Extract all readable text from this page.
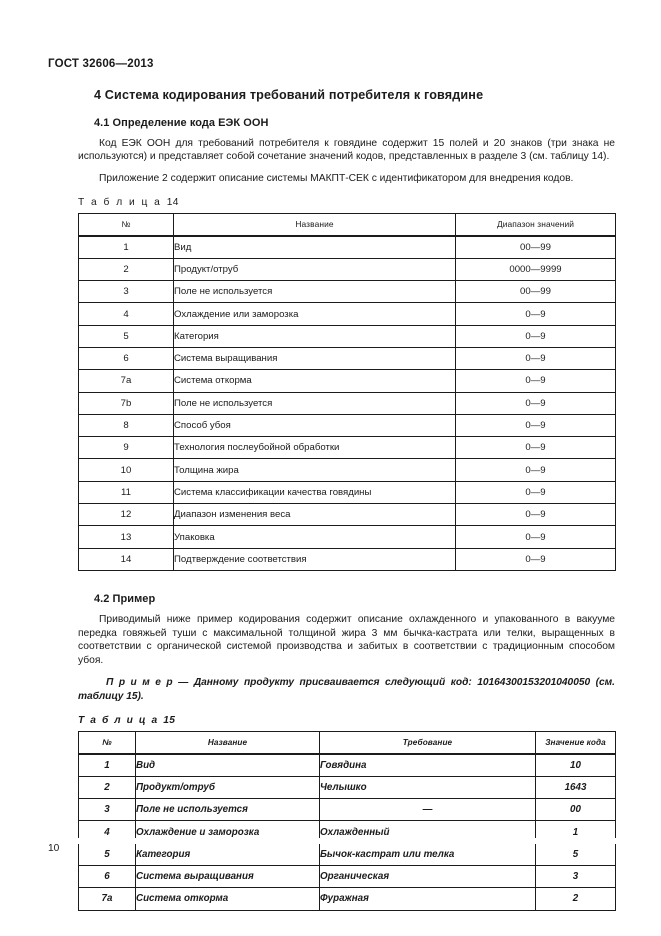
ГОСТ 32606—2013
4 Система кодирования требований потребителя к говядине
4.1 Определение кода ЕЭК ООН

Код ЕЭК ООН для требований потребителя к говядине содержит 15 полей и 20 знаков (три знака не используются) и представляет собой сочетание значений кодов, представленных в разделе 3 (см. таблицу 14).

Приложение 2 содержит описание системы МАКПТ-СЕК с идентификатором для внедрения кодов.

Т а б л и ц а 14
№	Название	Диапазон значений
1	Вид	00—99
2	Продукт/отруб	0000—9999
3	Поле не используется	00—99
4	Охлаждение или заморозка	0—9
5	Категория	0—9
6	Система выращивания	0—9
7a	Система откорма	0—9
7b	Поле не используется	0—9
8	Способ убоя	0—9
9	Технология послеубойной обработки	0—9
10	Толщина жира	0—9
11	Система классификации качества говядины	0—9
12	Диапазон изменения веса	0—9
13	Упаковка	0—9
14	Подтверждение соответствия	0—9
4.2 Пример

Приводимый ниже пример кодирования содержит описание охлажденного и упакованного в вакууме передка говяжьей туши с максимальной толщиной жира 3 мм бычка-кастрата или телки, выращенных в соответствии с органической системой производства и забитых в соответствии с традиционным способом убоя.

П р и м е р — Данному продукту присваивается следующий код: 10164300153201040050 (см. таблицу 15).

Т а б л и ц а 15
№	Название	Требование	Значение кода
1	Вид	Говядина	10
2	Продукт/отруб	Челышко	1643
3	Поле не используется	—	00
4	Охлаждение и заморозка	Охлажденный	1
5	Категория	Бычок-кастрат или телка	5
6	Система выращивания	Органическая	3
7a	Система откорма	Фуражная	2
10
